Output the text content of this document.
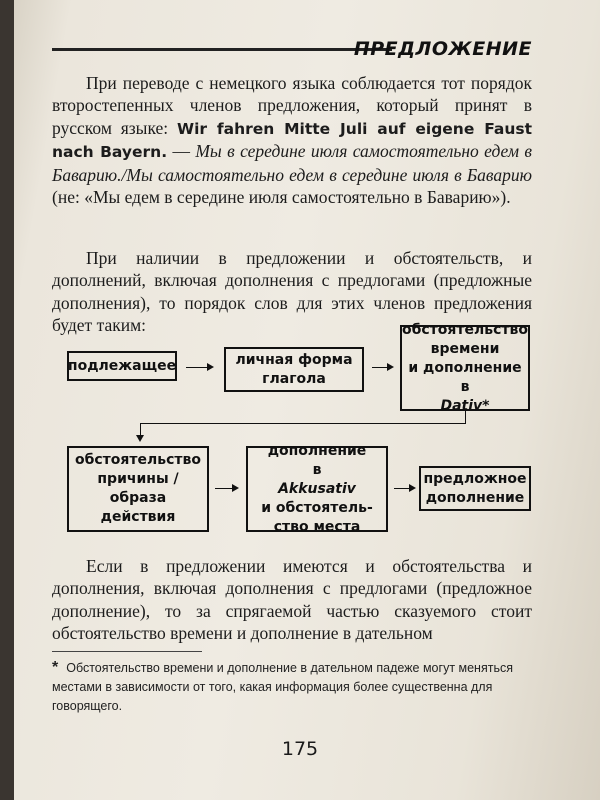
ПРЕДЛОЖЕНИЕ
При переводе с немецкого языка соблюдается тот порядок второстепенных членов предложения, который принят в русском языке: Wir fahren Mitte Juli auf eigene Faust nach Bayern. — Мы в середине июля самостоятельно едем в Баварию./Мы самостоятельно едем в середине июля в Баварию (не: «Мы едем в середине июля самостоятельно в Баварию»).
При наличии в предложении и обстоятельств, и дополнений, включая дополнения с предлогами (предложные дополнения), то порядок слов для этих членов предложения будет таким:
подлежащее	личная форма
глагола
обстоятельство
времени
и дополнение
в
Dativ*
обстоятельство
причины /
образа
действия
дополнение
в
Akkusativ
и обстоятель-
ство места
предложное
дополнение
Если в предложении имеются и обстоятельства и дополнения, включая дополнения с предлогами (предложное дополнение), то за спрягаемой частью сказуемого стоит обстоятельство времени и дополнение в дательном
* Обстоятельство времени и дополнение в дательном падеже могут меняться местами в зависимости от того, какая информация более существенна для говорящего.
175
